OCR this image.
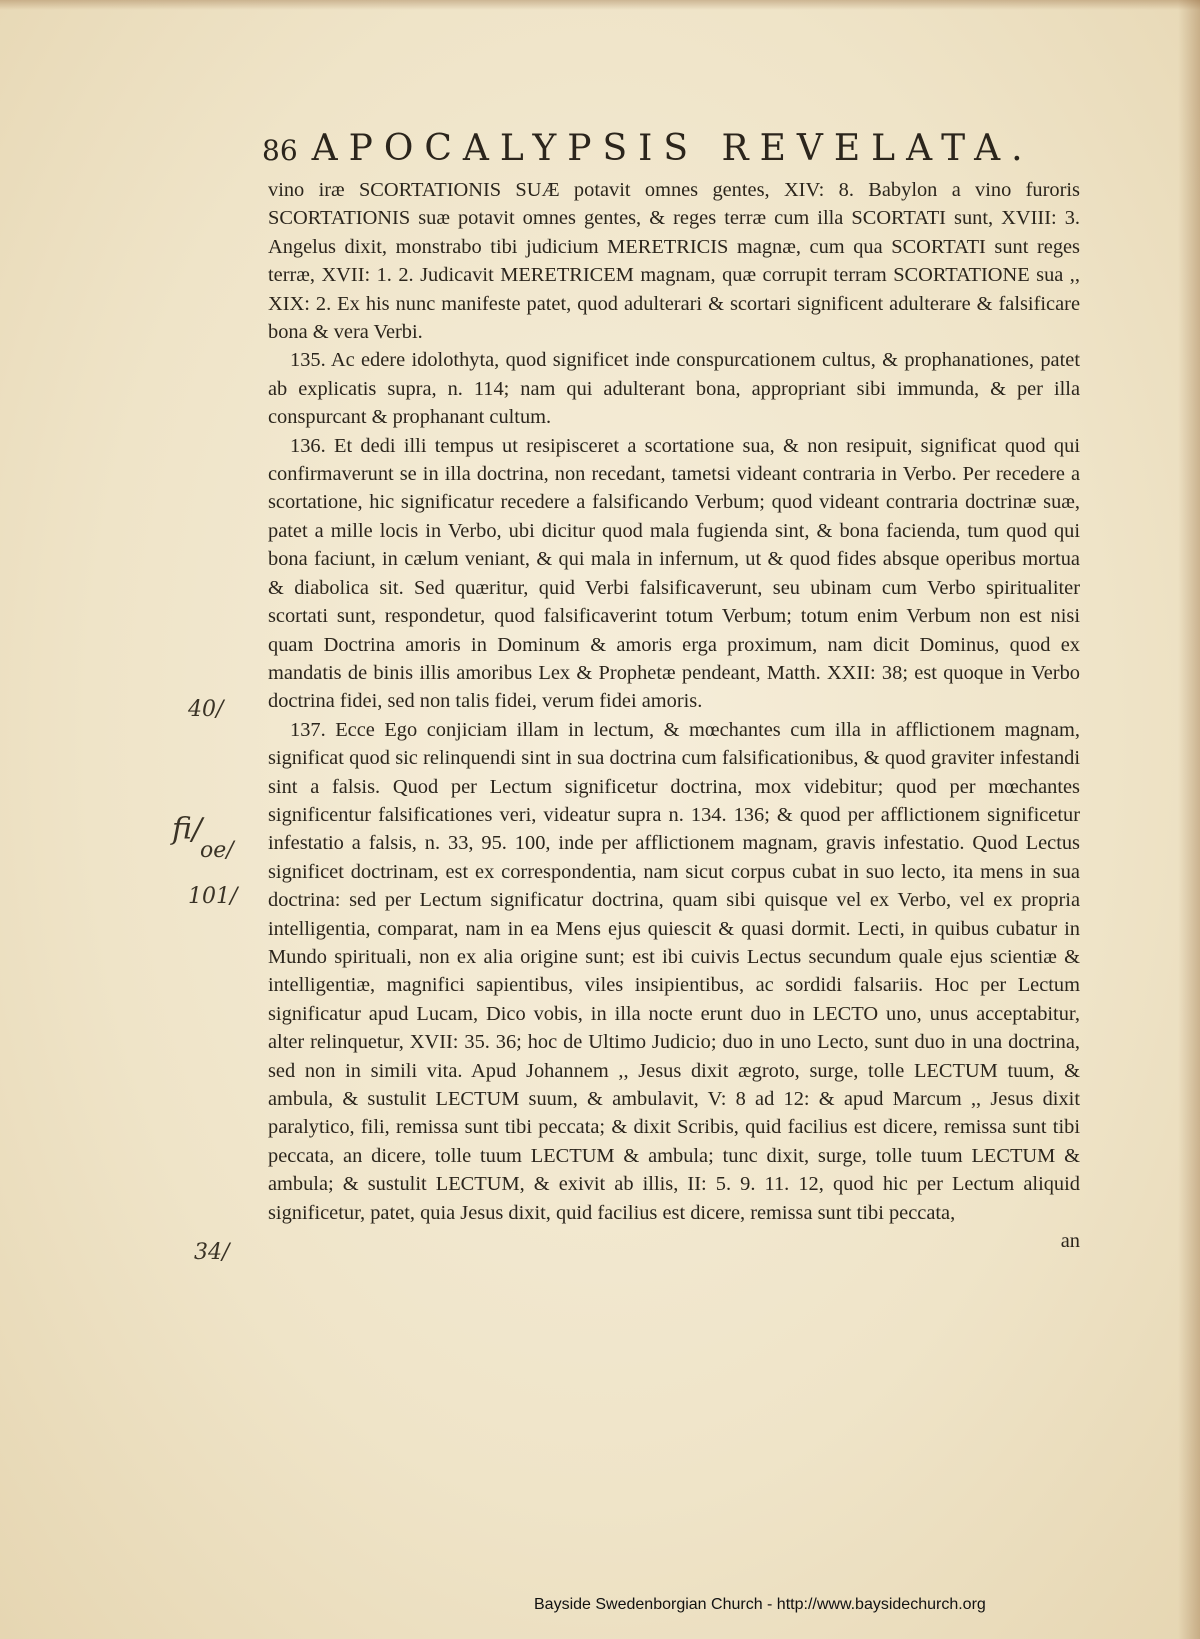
86 APOCALYPSIS REVELATA.

vino iræ SCORTATIONIS SUÆ potavit omnes gentes, XIV: 8. Babylon a vino furoris SCORTATIONIS suæ potavit omnes gentes, & reges terræ cum illa SCORTATI sunt, XVIII: 3. Angelus dixit, monstrabo tibi judicium MERETRICIS magnæ, cum qua SCORTATI sunt reges terræ, XVII: 1. 2. Judicavit MERETRICEM magnam, quæ corrupit terram SCORTATIONE sua ,, XIX: 2. Ex his nunc manifeste patet, quod adulterari & scortari significent adulterare & falsificare bona & vera Verbi.

135. Ac edere idolothyta, quod significet inde conspurcationem cultus, & prophanationes, patet ab explicatis supra, n. 114; nam qui adulterant bona, appropriant sibi immunda, & per illa conspurcant & prophanant cultum.

136. Et dedi illi tempus ut resipisceret a scortatione sua, & non resipuit, significat quod qui confirmaverunt se in illa doctrina, non recedant, tametsi videant contraria in Verbo. Per recedere a scortatione, hic significatur recedere a falsificando Verbum; quod videant contraria doctrinæ suæ, patet a mille locis in Verbo, ubi dicitur quod mala fugienda sint, & bona facienda, tum quod qui bona faciunt, in cælum veniant, & qui mala in infernum, ut & quod fides absque operibus mortua & diabolica sit. Sed quæritur, quid Verbi falsificaverunt, seu ubinam cum Verbo spiritualiter scortati sunt, respondetur, quod falsificaverint totum Verbum; totum enim Verbum non est nisi quam Doctrina amoris in Dominum & amoris erga proximum, nam dicit Dominus, quod ex mandatis de binis illis amoribus Lex & Prophetæ pendeant, Matth. XXII: 38; est quoque in Verbo doctrina fidei, sed non talis fidei, verum fidei amoris.

137. Ecce Ego conjiciam illam in lectum, & mœchantes cum illa in afflictionem magnam, significat quod sic relinquendi sint in sua doctrina cum falsificationibus, & quod graviter infestandi sint a falsis. Quod per Lectum significetur doctrina, mox videbitur; quod per mœchantes significentur falsificationes veri, videatur supra n. 134. 136; & quod per afflictionem significetur infestatio a falsis, n. 33, 95. 100, inde per afflictionem magnam, gravis infestatio. Quod Lectus significet doctrinam, est ex correspondentia, nam sicut corpus cubat in suo lecto, ita mens in sua doctrina: sed per Lectum significatur doctrina, quam sibi quisque vel ex Verbo, vel ex propria intelligentia, comparat, nam in ea Mens ejus quiescit & quasi dormit. Lecti, in quibus cubatur in Mundo spirituali, non ex alia origine sunt; est ibi cuivis Lectus secundum quale ejus scientiæ & intelligentiæ, magnifici sapientibus, viles insipientibus, ac sordidi falsariis. Hoc per Lectum significatur apud Lucam, Dico vobis, in illa nocte erunt duo in LECTO uno, unus acceptabitur, alter relinquetur, XVII: 35. 36; hoc de Ultimo Judicio; duo in uno Lecto, sunt duo in una doctrina, sed non in simili vita. Apud Johannem ,, Jesus dixit ægroto, surge, tolle LECTUM tuum, & ambula, & sustulit LECTUM suum, & ambulavit, V: 8 ad 12: & apud Marcum ,, Jesus dixit paralytico, fili, remissa sunt tibi peccata; & dixit Scribis, quid facilius est dicere, remissa sunt tibi peccata, an dicere, tolle tuum LECTUM & ambula; tunc dixit, surge, tolle tuum LECTUM & ambula; & sustulit LECTUM, & exivit ab illis, II: 5. 9. 11. 12, quod hic per Lectum aliquid significetur, patet, quia Jesus dixit, quid facilius est dicere, remissa sunt tibi peccata,

an

40/
fi/
oe/
101/
34/
Bayside Swedenborgian Church - http://www.baysidechurch.org
